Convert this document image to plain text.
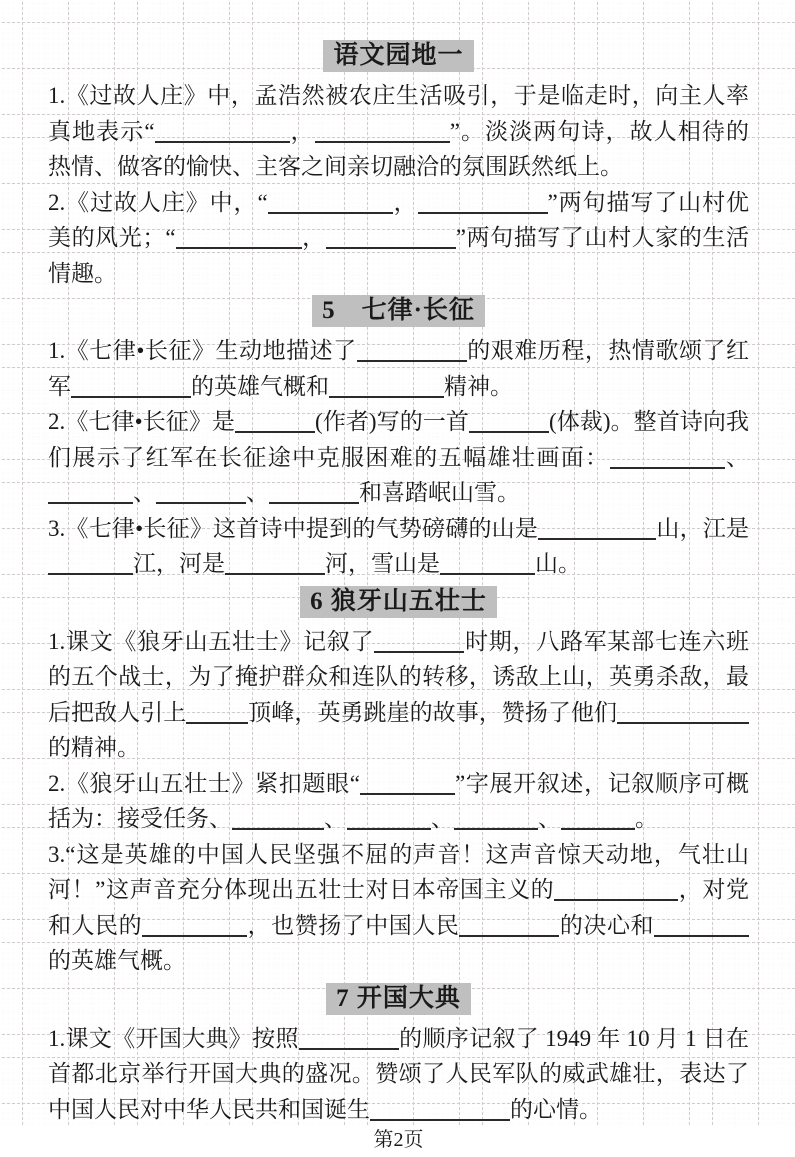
语文园地一

1.《过故人庄》中，孟浩然被农庄生活吸引，于是临走时，向主人率真地表示“	，	”。淡淡两句诗，故人相待的热情、做客的愉快、主客之间亲切融洽的氛围跃然纸上。

2.《过故人庄》中，“	，	”两句描写了山村优美的风光；“	，	”两句描写了山村人家的生活情趣。

5　七律·长征

1.《七律•长征》生动地描述了	的艰难历程，热情歌颂了红军	的英雄气概和	精神。

2.《七律•长征》是	(作者)写的一首	(体裁)。整首诗向我们展示了红军在长征途中克服困难的五幅雄壮画面：	、、	、	和喜踏岷山雪。

3.《七律•长征》这首诗中提到的气势磅礴的山是	山，江是江，河是	河，雪山是	山。

6 狼牙山五壮士

1.课文《狼牙山五壮士》记叙了	时期，八路军某部七连六班的五个战士，为了掩护群众和连队的转移，诱敌上山，英勇杀敌，最后把敌人引上	顶峰，英勇跳崖的故事，赞扬了他们的精神。

2.《狼牙山五壮士》紧扣题眼“	”字展开叙述，记叙顺序可概括为：接受任务、	、	、	、	。

3.“这是英雄的中国人民坚强不屈的声音！这声音惊天动地，气壮山河！”这声音充分体现出五壮士对日本帝国主义的	，对党和人民的	，也赞扬了中国人民	的决心和的英雄气概。

7 开国大典

1.课文《开国大典》按照	的顺序记叙了 1949 年 10 月 1 日在首都北京举行开国大典的盛况。赞颂了人民军队的威武雄壮，表达了中国人民对中华人民共和国诞生	的心情。

第2页
